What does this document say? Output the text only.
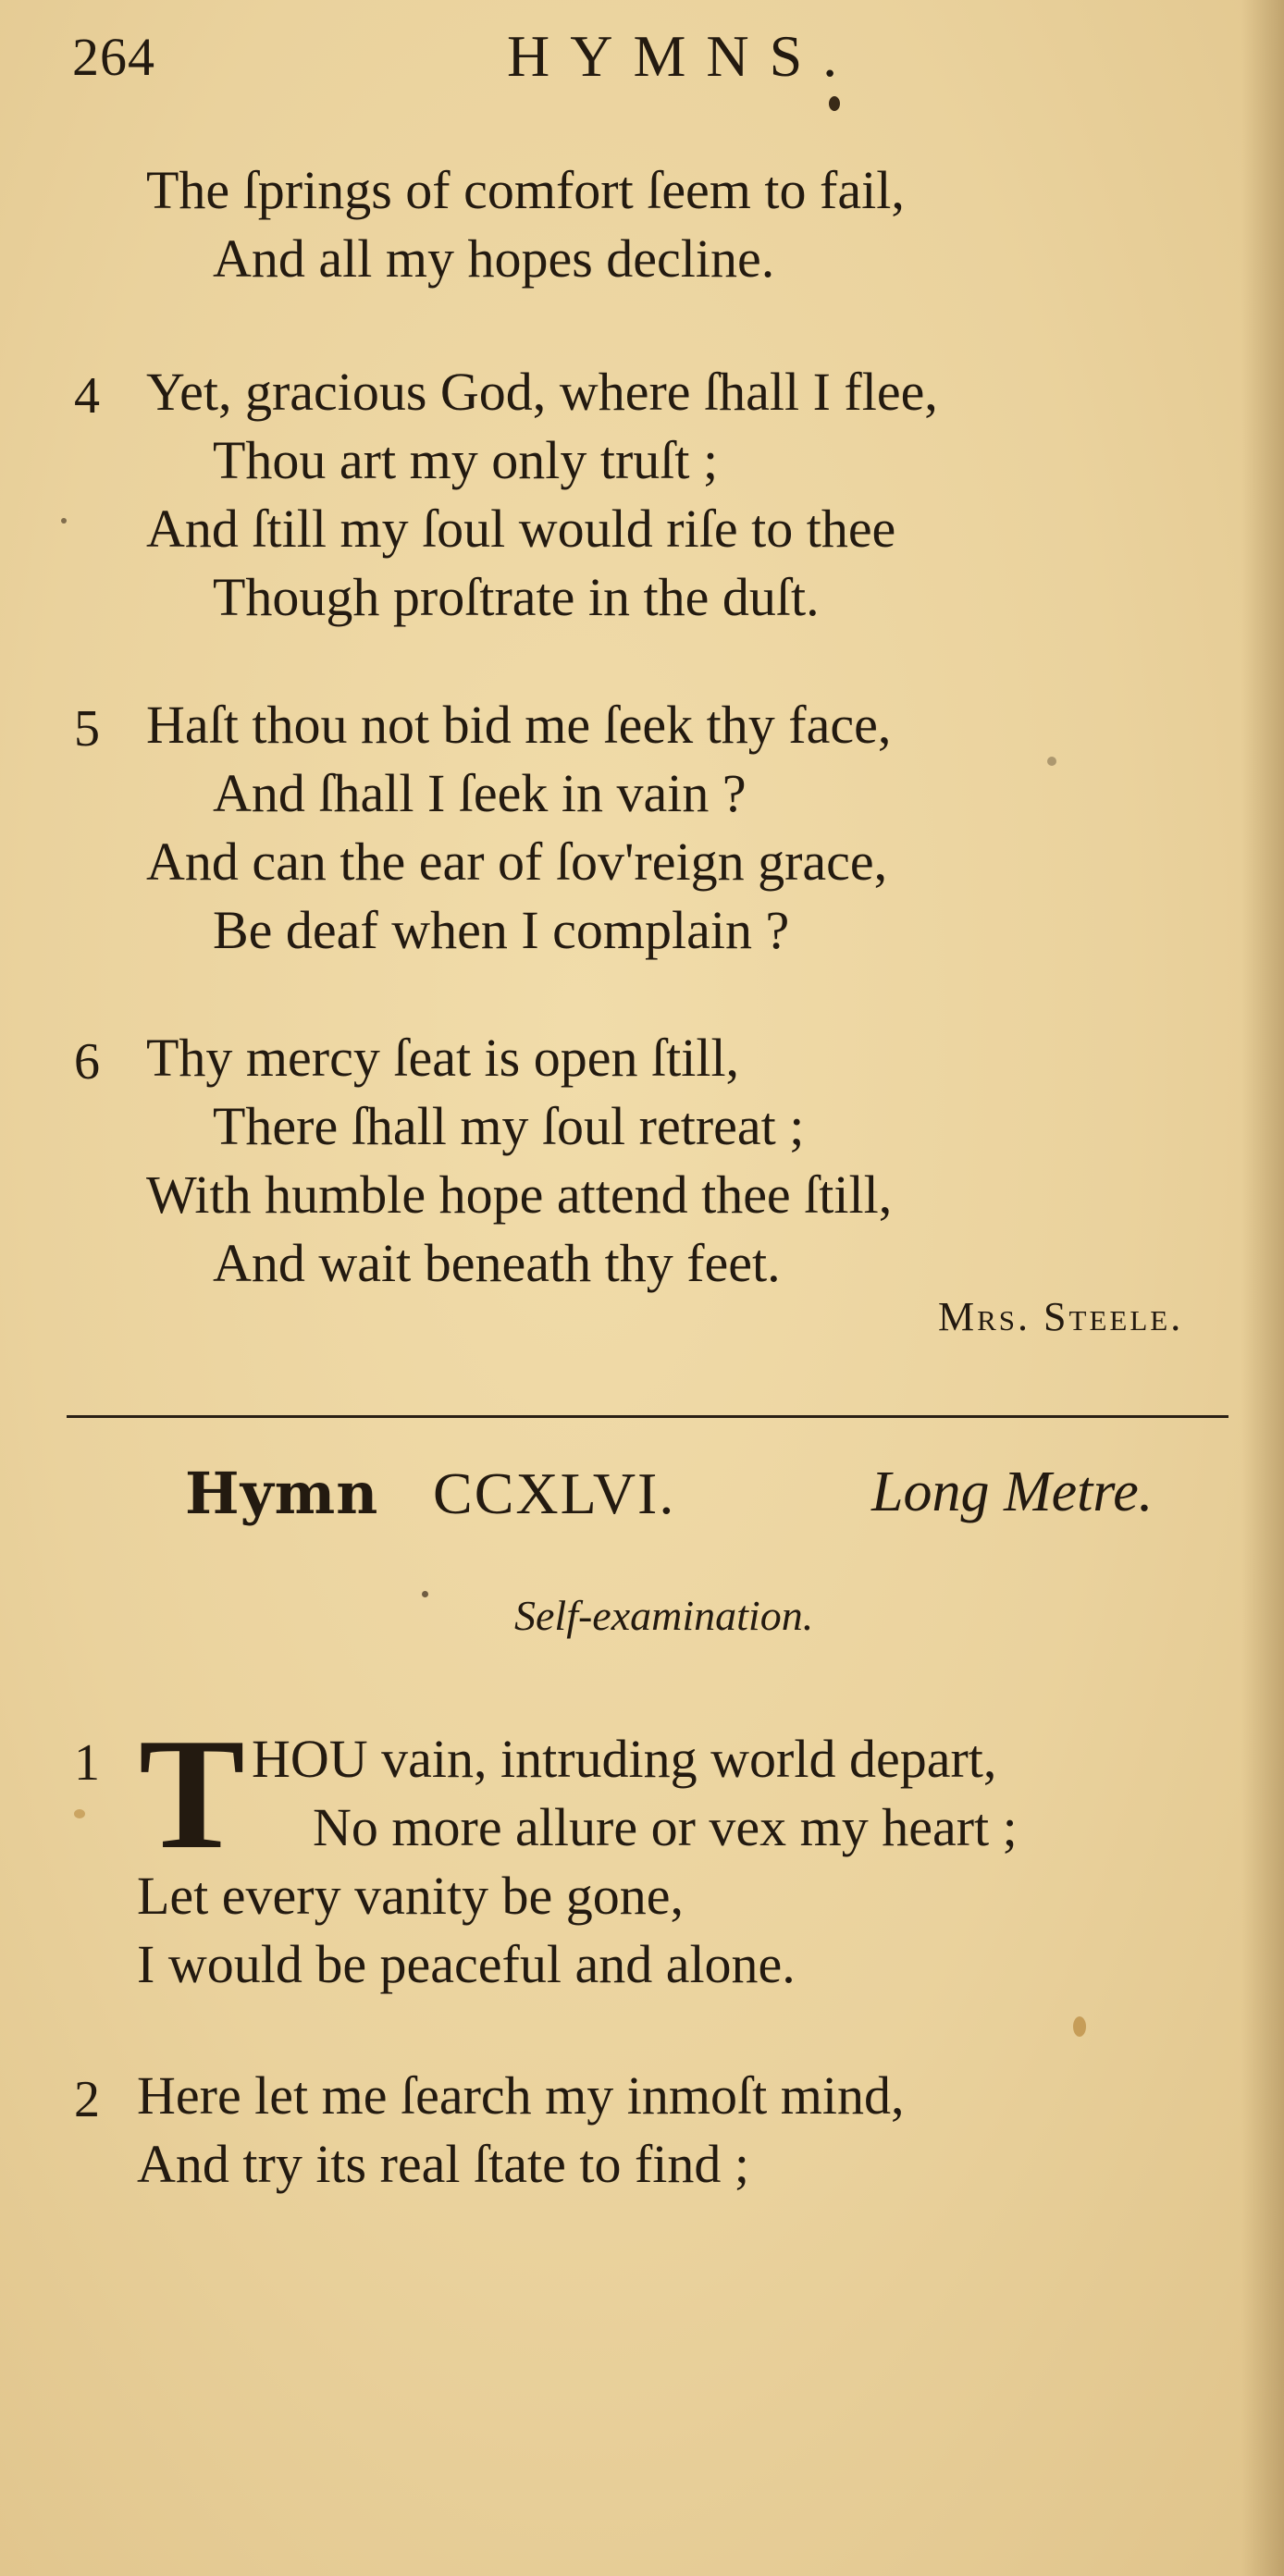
264	HYMNS.
The ſprings of comfort ſeem to fail,
And all my hopes decline.
4 Yet, gracious God, where ſhall I flee,
Thou art my only truſt ;
And ſtill my ſoul would riſe to thee
Though proſtrate in the duſt.
5 Haſt thou not bid me ſeek thy face,
And ſhall I ſeek in vain ?
And can the ear of ſov'reign grace,
Be deaf when I complain ?
6 Thy mercy ſeat is open ſtill,
There ſhall my ſoul retreat ;
With humble hope attend thee ſtill,
And wait beneath thy feet.
Mrs. Steele.
Hymn CCXLVI.	Long Metre.
Self-examination.
1 T HOU vain, intruding world depart,
No more allure or vex my heart ;
Let every vanity be gone,
I would be peaceful and alone.
2 Here let me ſearch my inmoſt mind,
And try its real ſtate to find ;
